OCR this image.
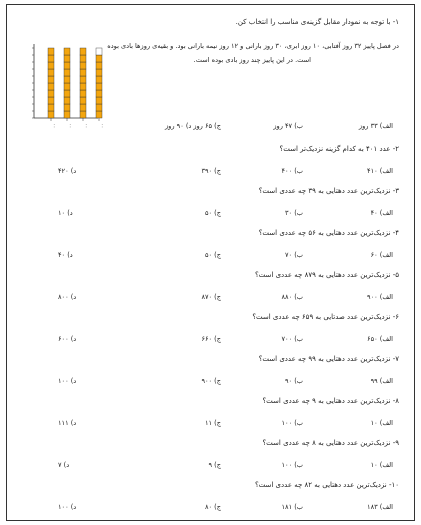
۱- با توجه به نمودار مقابل گزینه‌ی مناسب را انتخاب کن.
در فصل پاییز ۳۲ روز آفتابی، ۱۰ روز ابری، ۳۰ روز بارانی و ۱۲ روز نیمه بارانی بود. و بقیه‌ی روزها بادی بوده
است. در این پاییز چند روز بادی بوده است.
۰۰ ۰۰ ۰۰ ۰۰	الف) ۳۳ روز
ب) ۴۷ روز
ج) ۶۵ روز
د) ۹۰ روز
۲- عدد ۴۰۱ به کدام گزینه نزدیک‌تر است؟
الف) ۴۱۰
ب) ۴۰۰
ج) ۳۹۰
د) ۴۲۰
۳- نزدیک‌ترین عدد دهتایی به ۳۹ چه عددی است؟
الف) ۴۰
ب) ۳۰
ج) ۵۰
د) ۱۰
۴- نزدیک‌ترین عدد دهتایی به ۵۶ چه عددی است؟
الف) ۶۰
ب) ۷۰
ج) ۵۰
د) ۴۰
۵- نزدیک‌ترین عدد دهتایی به ۸۷۹ چه عددی است؟
الف) ۹۰۰
ب) ۸۸۰
ج) ۸۷۰
د) ۸۰۰
۶- نزدیک‌ترین عدد صدتایی به ۶۵۹ چه عددی است؟
الف) ۶۵۰
ب) ۷۰۰
ج) ۶۶۰
د) ۶۰۰
۷- نزدیک‌ترین عدد دهتایی به ۹۹ چه عددی است؟
الف) ۹۹
ب) ۹۰
ج) ۹۰۰
د) ۱۰۰
۸- نزدیک‌ترین عدد دهتایی به ۹ چه عددی است؟
الف) ۱۰
ب) ۱۰۰
ج) ۱۱
د) ۱۱۱
۹- نزدیک‌ترین عدد دهتایی به ۸ چه عددی است؟
الف) ۱۰
ب) ۱۰۰
ج) ۹
د) ۷
۱۰- نزدیک‌ترین عدد دهتایی به ۸۲ چه عددی است؟
الف) ۱۸۳
ب) ۱۸۱
ج) ۸۰
د) ۱۰۰
